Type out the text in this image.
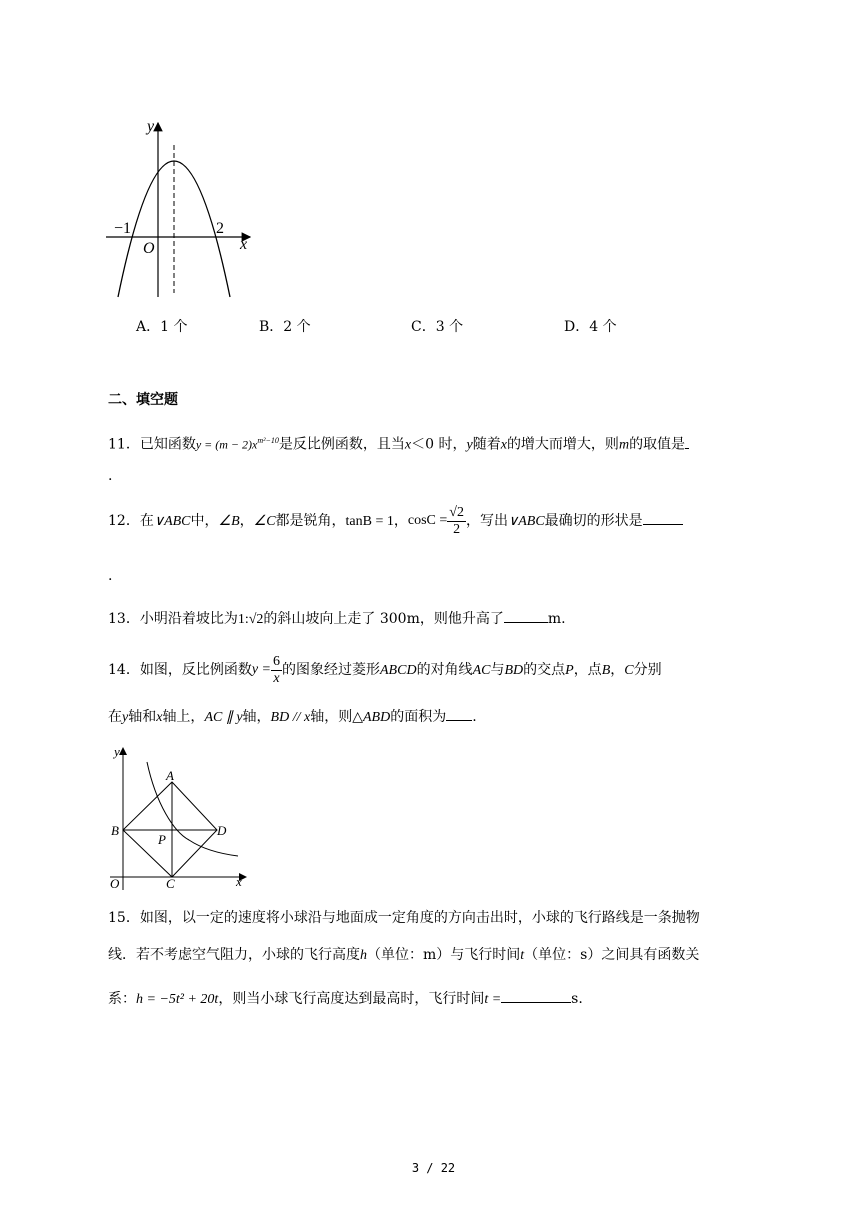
y
x
O
−1	2
A．1 个	B．2 个	C．3 个	D．4 个
二、填空题
11．已知函数$y = (m - 2)x^{m^2-10}$是反比例函数，且当x＜0 时，y随着x的增大而增大，则m的取值是
.
12．在∨ABC中，∠B，∠C都是锐角，tanB = 1，$\cos C = \frac{√2}{2}$ ，写出∨ABC最确切的形状是
.
13．小明沿着坡比为1:√2的斜山坡向上走了 300m，则他升高了	m.
14．如图，反比例函数$y = \frac{6}{x}$ 的图象经过菱形ABCD的对角线AC与BD的交点P，点B，C分别
在y轴和x轴上，AC ∥ y轴，BD // x轴，则△ABD的面积为 .
y
x
O
A
B
C
D
P
15．如图，以一定的速度将小球沿与地面成一定角度的方向击出时，小球的飞行路线是一条抛物
线．若不考虑空气阻力，小球的飞行高度h（单位：m）与飞行时间t（单位：s）之间具有函数关
系：h = −5t² + 20t，则当小球飞行高度达到最高时，飞行时间t =	s.
3 / 22
